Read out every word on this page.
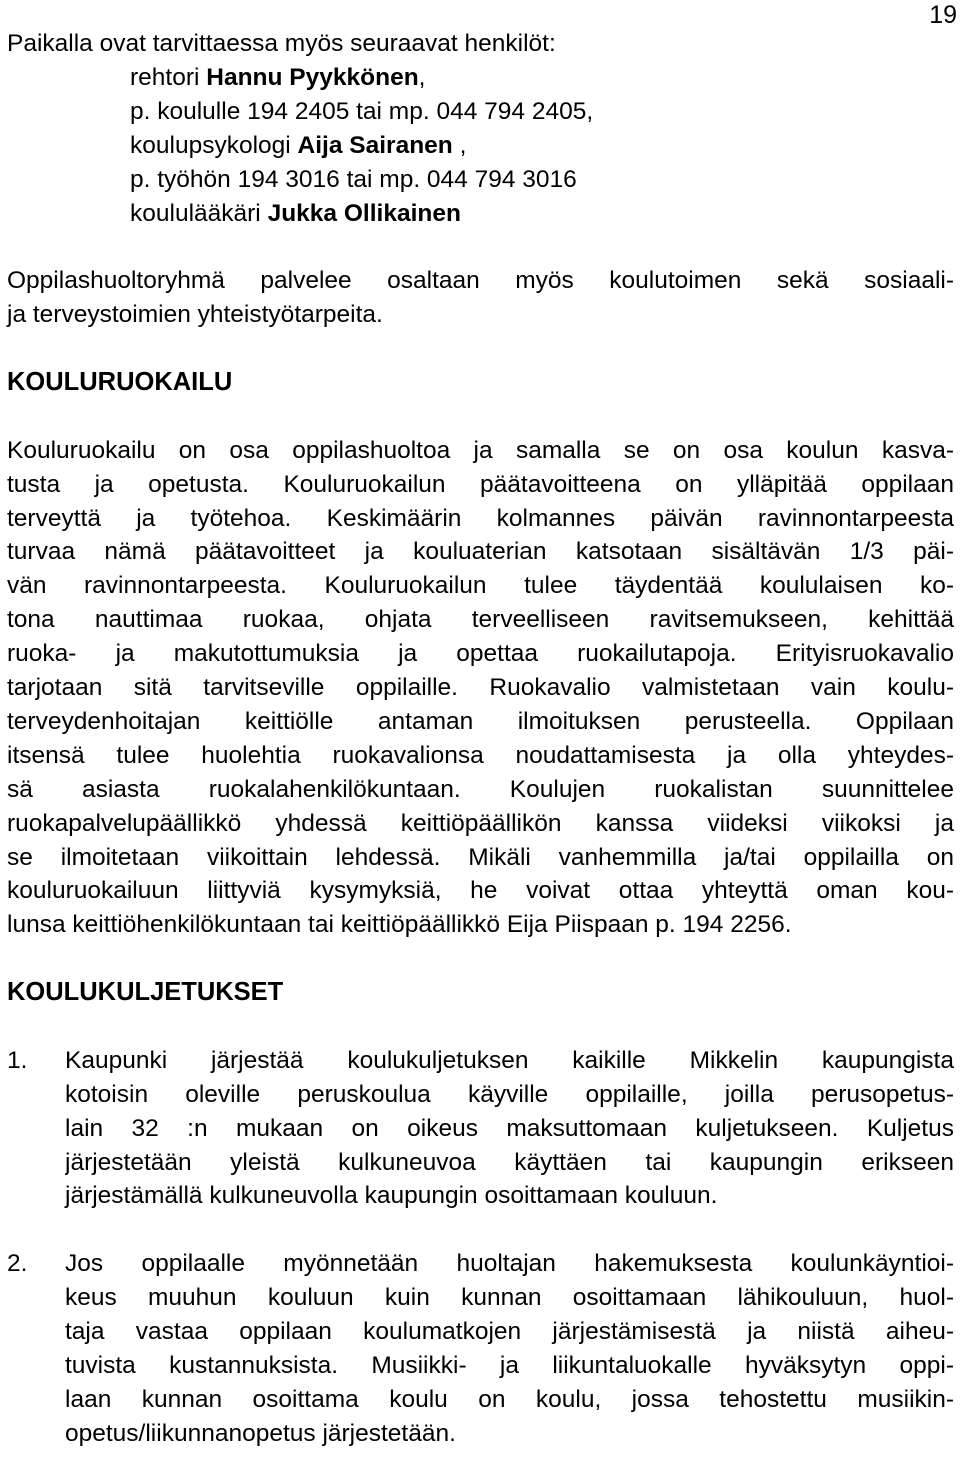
19
Paikalla ovat tarvittaessa myös seuraavat henkilöt:
rehtori Hannu Pyykkönen,
p. koululle 194 2405 tai mp. 044 794 2405,
koulupsykologi Aija Sairanen ,
p. työhön 194 3016 tai mp. 044 794 3016
koululääkäri Jukka Ollikainen
Oppilashuoltoryhmä palvelee osaltaan myös koulutoimen sekä sosiaali-
ja terveystoimien yhteistyötarpeita.
KOULURUOKAILU
Kouluruokailu on osa oppilashuoltoa ja samalla se on osa koulun kasva-
tusta ja opetusta. Kouluruokailun päätavoitteena on ylläpitää oppilaan
terveyttä ja työtehoa. Keskimäärin kolmannes päivän ravinnontarpeesta
turvaa nämä päätavoitteet ja kouluaterian katsotaan sisältävän 1/3 päi-
vän ravinnontarpeesta. Kouluruokailun tulee täydentää koululaisen ko-
tona nauttimaa ruokaa, ohjata terveelliseen ravitsemukseen, kehittää
ruoka- ja makutottumuksia ja opettaa ruokailutapoja. Erityisruokavalio
tarjotaan sitä tarvitseville oppilaille. Ruokavalio valmistetaan vain koulu-
terveydenhoitajan keittiölle antaman ilmoituksen perusteella. Oppilaan
itsensä tulee huolehtia ruokavalionsa noudattamisesta ja olla yhteydes-
sä asiasta ruokalahenkilökuntaan. Koulujen ruokalistan suunnittelee
ruokapalvelupäällikkö yhdessä keittiöpäällikön kanssa viideksi viikoksi ja
se ilmoitetaan viikoittain lehdessä. Mikäli vanhemmilla ja/tai oppilailla on
kouluruokailuun liittyviä kysymyksiä, he voivat ottaa yhteyttä oman kou-
lunsa keittiöhenkilökuntaan tai keittiöpäällikkö Eija Piispaan p. 194 2256.
KOULUKULJETUKSET
1. Kaupunki järjestää koulukuljetuksen kaikille Mikkelin kaupungista
kotoisin oleville peruskoulua käyville oppilaille, joilla perusopetus-
lain 32 :n mukaan on oikeus maksuttomaan kuljetukseen. Kuljetus
järjestetään yleistä kulkuneuvoa käyttäen tai kaupungin erikseen
järjestämällä kulkuneuvolla kaupungin osoittamaan kouluun.
2. Jos oppilaalle myönnetään huoltajan hakemuksesta koulunkäyntioi-
keus muuhun kouluun kuin kunnan osoittamaan lähikouluun, huol-
taja vastaa oppilaan koulumatkojen järjestämisestä ja niistä aiheu-
tuvista kustannuksista. Musiikki- ja liikuntaluokalle hyväksytyn oppi-
laan kunnan osoittama koulu on koulu, jossa tehostettu musiikin-
opetus/liikunnanopetus järjestetään.
